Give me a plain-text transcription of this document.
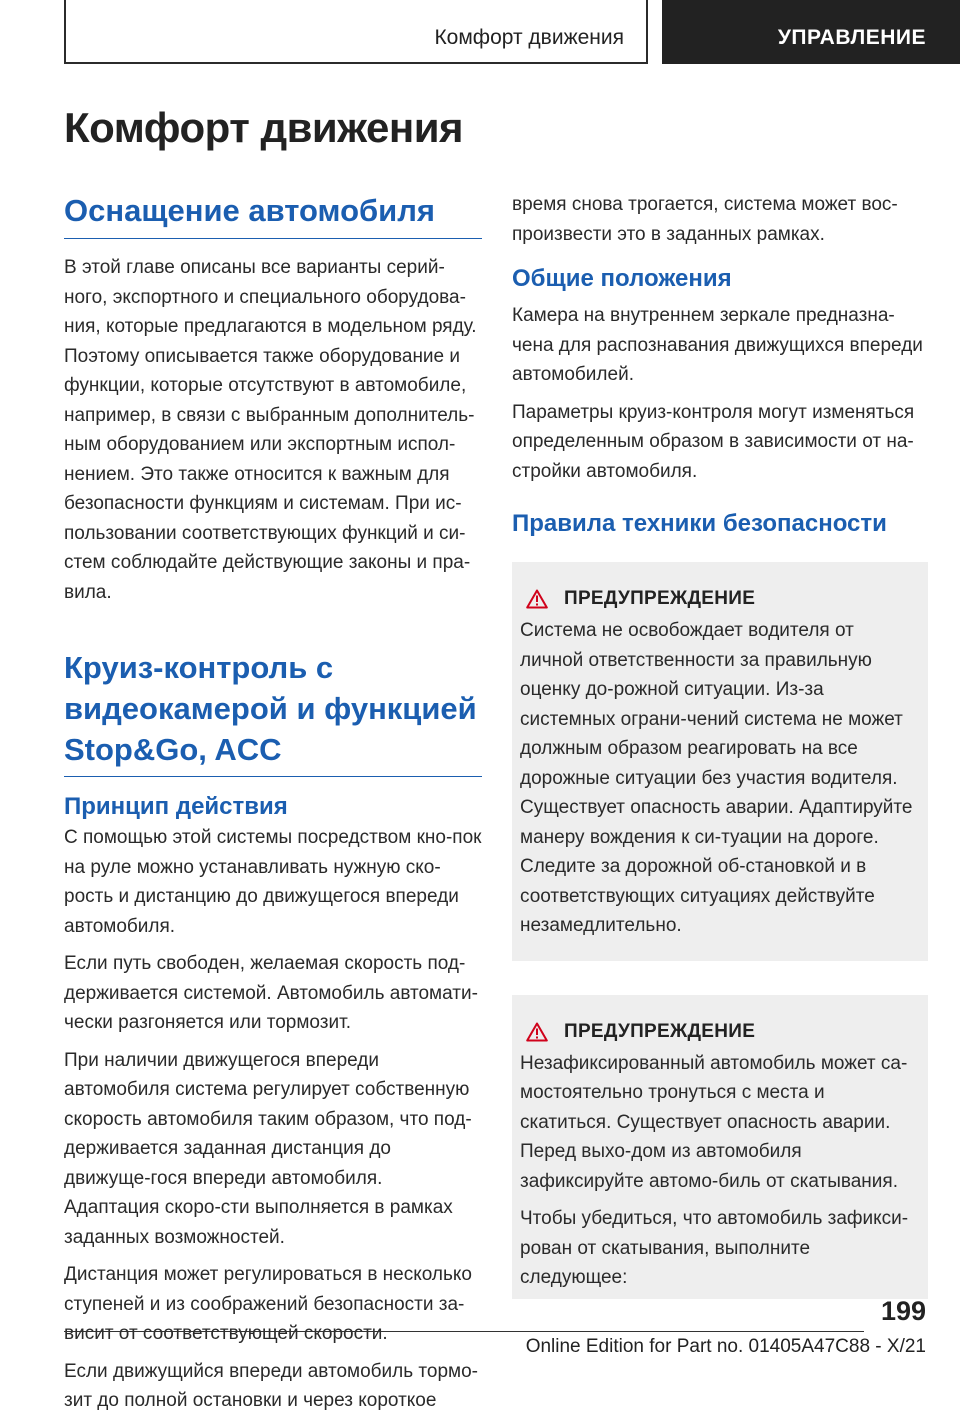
Комфорт движения	УПРАВЛЕНИЕ
Комфорт движения
Оснащение автомобиля

В этой главе описаны все варианты серий-ного, экспортного и специального оборудова-ния, которые предлагаются в модельном ряду. Поэтому описывается также оборудование и функции, которые отсутствуют в автомобиле, например, в связи с выбранным дополнитель-ным оборудованием или экспортным испол-нением. Это также относится к важным для безопасности функциям и системам. При ис-пользовании соответствующих функций и си-стем соблюдайте действующие законы и пра-вила.

Круиз-контроль с видеокамерой и функцией Stop&Go, ACC
Принцип действия

С помощью этой системы посредством кно-пок на руле можно устанавливать нужную ско-рость и дистанцию до движущегося впереди автомобиля.

Если путь свободен, желаемая скорость под-держивается системой. Автомобиль автомати-чески разгоняется или тормозит.

При наличии движущегося впереди автомобиля система регулирует собственную скорость автомобиля таким образом, что под-держивается заданная дистанция до движуще-гося впереди автомобиля. Адаптация скоро-сти выполняется в рамках заданных возможностей.

Дистанция может регулироваться в несколько ступеней и из соображений безопасности за-висит от соответствующей скорости.

Если движущийся впереди автомобиль тормо-зит до полной остановки и через короткое

время снова трогается, система может вос-произвести это в заданных рамках.

Общие положения

Камера на внутреннем зеркале предназна-чена для распознавания движущихся впереди автомобилей.

Параметры круиз-контроля могут изменяться определенным образом в зависимости от на-стройки автомобиля.

Правила техники безопасности
ПРЕДУПРЕЖДЕНИЕ

Система не освобождает водителя от личной ответственности за правильную оценку до-рожной ситуации. Из-за системных ограни-чений система не может должным образом реагировать на все дорожные ситуации без участия водителя. Существует опасность аварии. Адаптируйте манеру вождения к си-туации на дороге. Следите за дорожной об-становкой и в соответствующих ситуациях действуйте незамедлительно.

ПРЕДУПРЕЖДЕНИЕ

Незафиксированный автомобиль может са-мостоятельно тронуться с места и скатиться. Существует опасность аварии. Перед выхо-дом из автомобиля зафиксируйте автомо-биль от скатывания.

Чтобы убедиться, что автомобиль зафикси-рован от скатывания, выполните следующее:

199
Online Edition for Part no. 01405A47C88 - X/21
